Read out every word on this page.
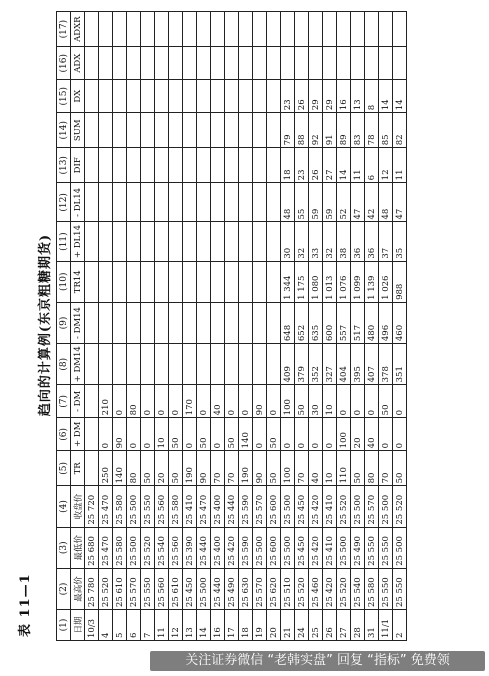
表 11—1
趋向的计算例(东京粗糖期货)
(1)	(2)	(3)	(4)	(5)	(6)	(7)	(8)	(9)	(10)	(11)	(12)	(13)	(14)	(15)	(16)	(17)
日期	最高价	最低价	收盘价	TR	+ DM	- DM	+ DM14	- DM14	TR14	+ DL14	- DL14	DIF	SUM	DX	ADX	ADXR
10/3	25 780	25 680	25 720													
4	25 520	25 470	25 470	250	0	210										
5	25 610	25 580	25 580	140	90	0										
6	25 570	25 500	25 500	80	0	80										
7	25 550	25 520	25 550	50	0	0										
11	25 560	25 540	25 560	20	10	0										
12	25 610	25 560	25 580	50	50	0										
13	25 450	25 390	25 410	190	0	170										
14	25 500	25 440	25 470	90	50	0										
16	25 440	25 400	25 400	70	0	40										
17	25 490	25 420	25 440	70	50	0										
18	25 630	25 590	25 590	190	140	0										
19	25 570	25 500	25 570	90	0	90										
20	25 620	25 600	25 600	50	50	0										
21	25 510	25 500	25 500	100	0	100	409	648	1 344	30	48	18	79	23		
24	25 520	25 450	25 450	70	0	50	379	652	1 175	32	55	23	88	26		
25	25 460	25 420	25 420	40	0	30	352	635	1 080	33	59	26	92	29		
26	25 420	25 410	25 410	10	0	10	327	600	1 013	32	59	27	91	29		
27	25 520	25 500	25 520	110	100	0	404	557	1 076	38	52	14	89	16		
28	25 540	25 490	25 500	50	20	0	395	517	1 099	36	47	11	83	13		
31	25 580	25 550	25 570	80	40	0	407	480	1 139	36	42	6	78	8		
11/1	25 550	25 550	25 500	70	0	50	378	496	1 026	37	48	12	85	14		
2	25 550	25 500	25 520	50	0	0	351	460	988	35	47	11	82	14		
关注证券微信 “老韩实盘” 回复 “指标” 免费领
